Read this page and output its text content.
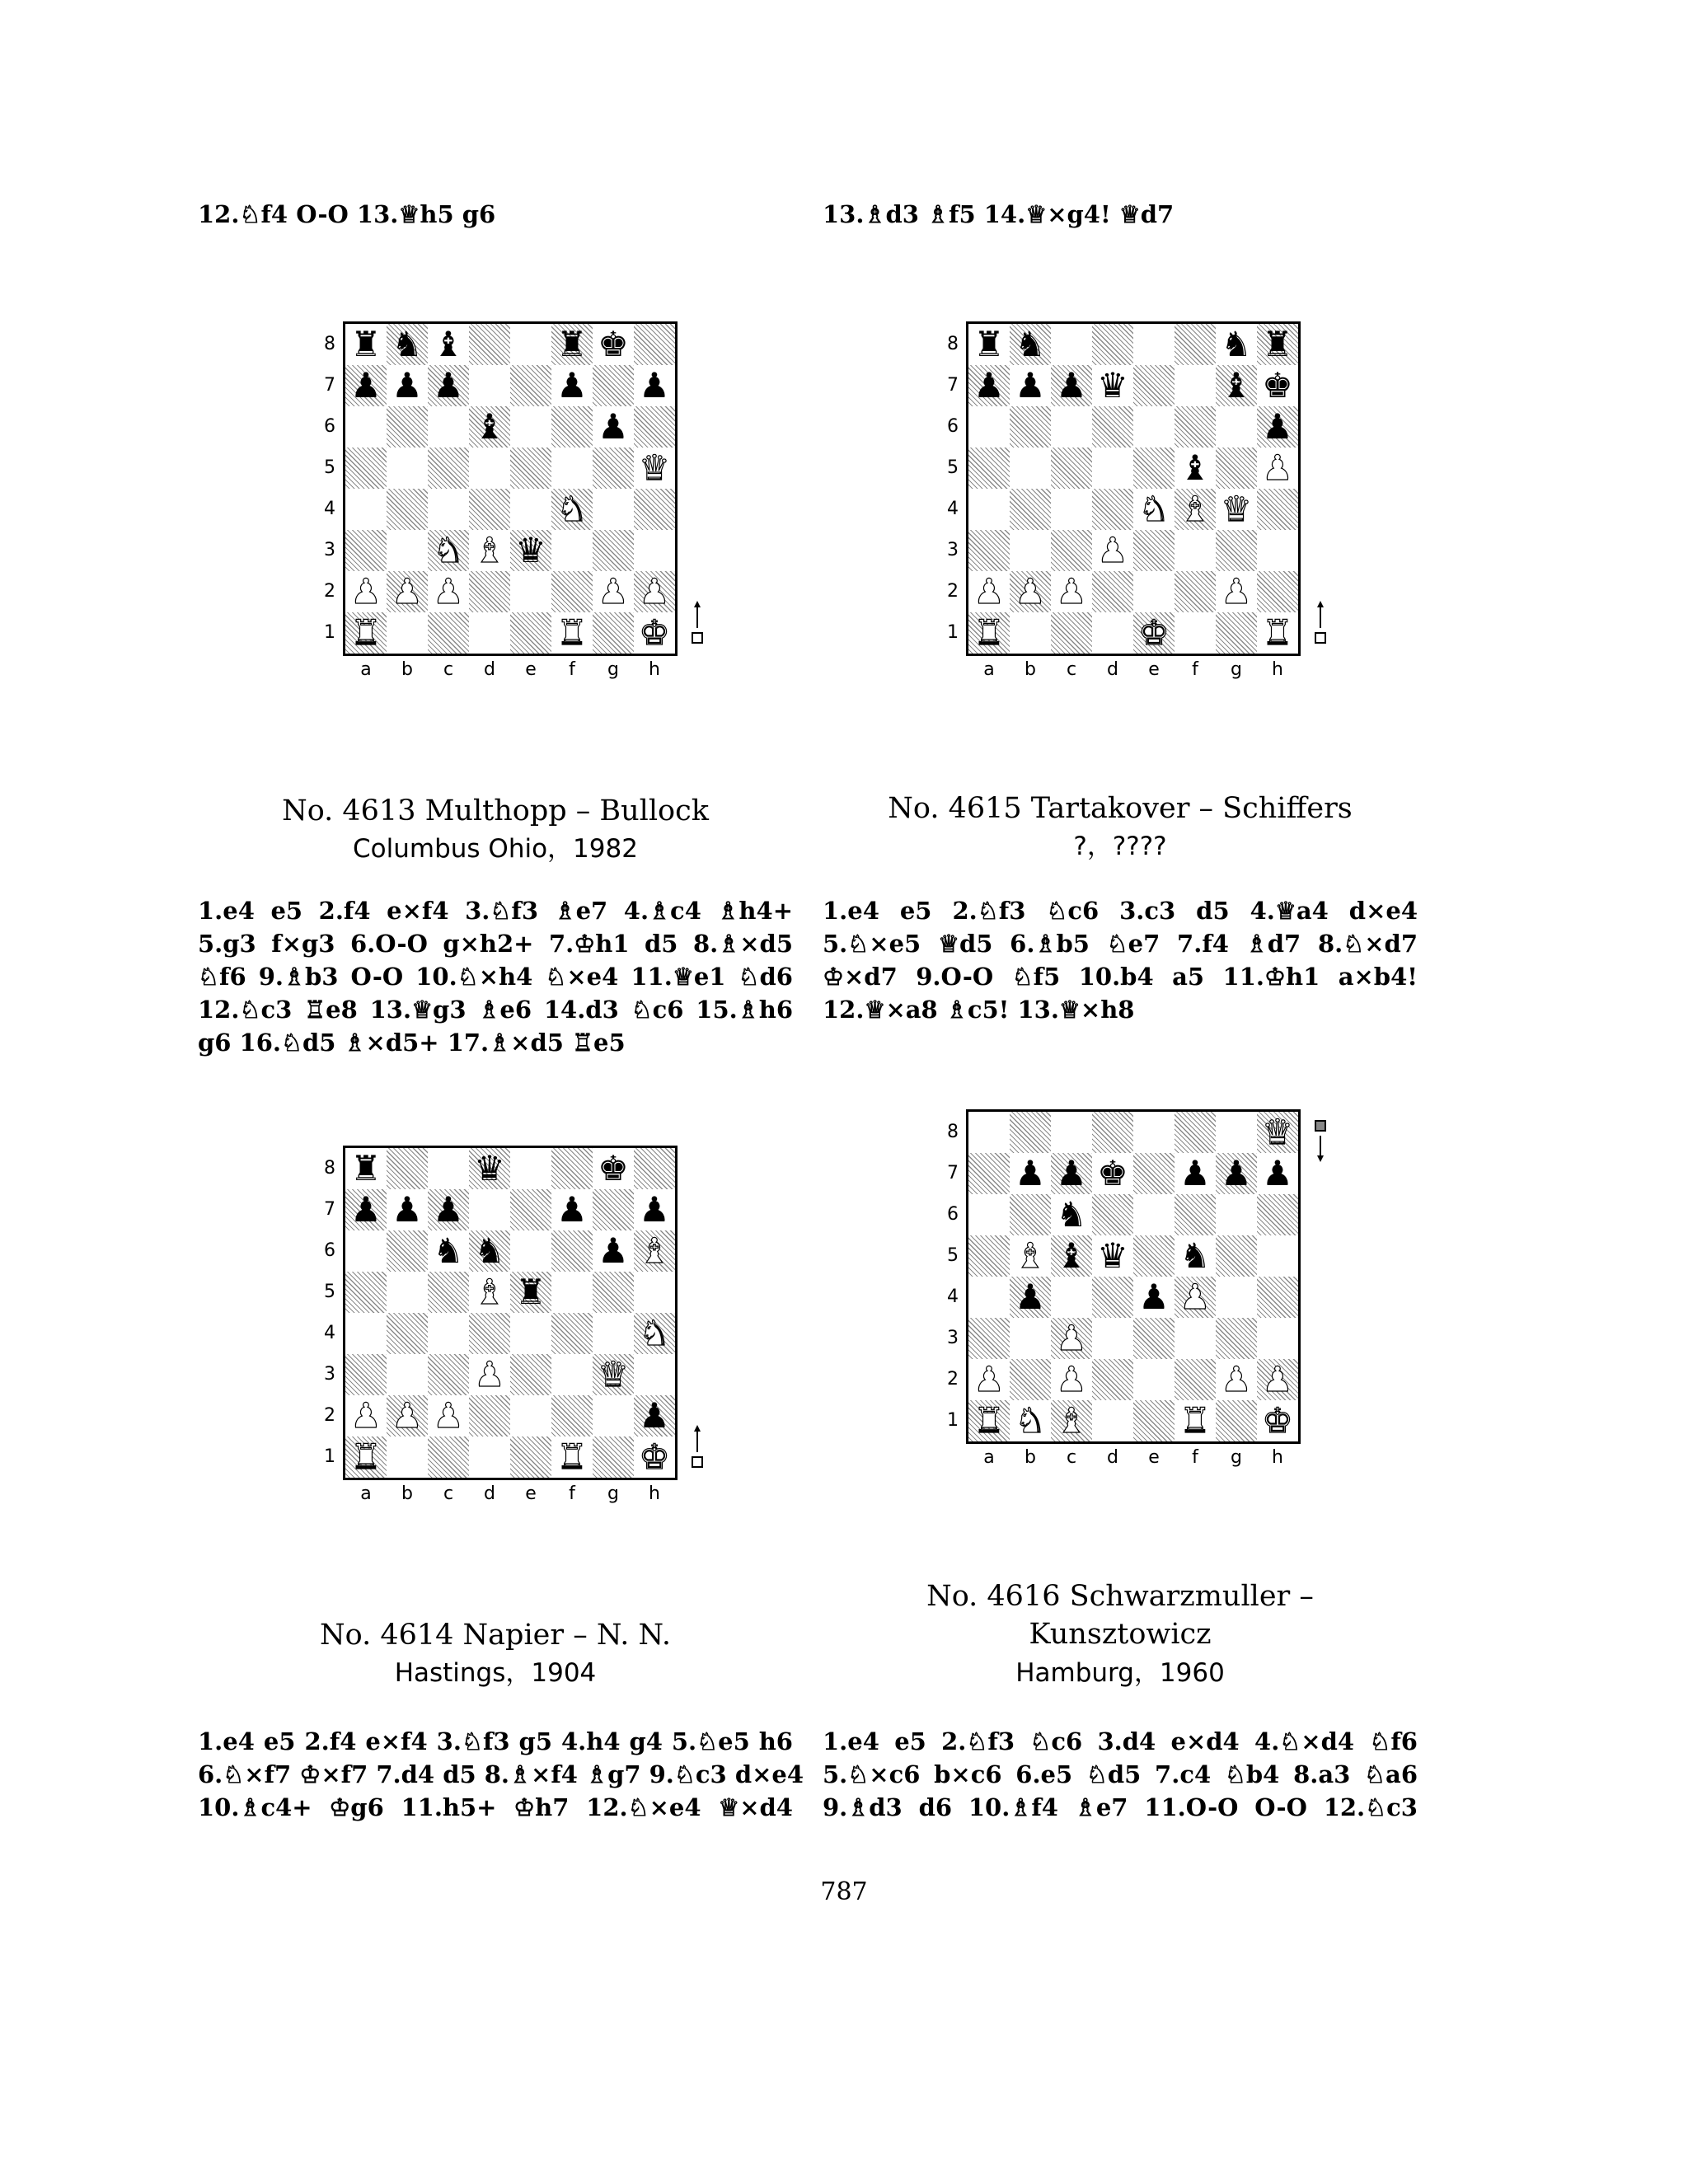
12.♘f4 O-O 13.♕h5 g6	13.♗d3 ♗f5 14.♕×g4! ♕d7
♜ ♞ ♝	♜ ♚
♟ ♟ ♟	♟ ♟
♝	♟
♛
♞
♞ ♝ ♛
♟ ♟ ♟	♟ ♟
♜	♜ ♚
8
7
6
5
4
3
2
1
a b c d e f g h
♜ ♞	♞ ♜
♟ ♟ ♟ ♛	♝ ♚
♟
♝ ♟
♞ ♝ ♛
♟
♟ ♟ ♟	♟
♜	♚	♜
8
7
6
5
4
3
2
1
a b c d e f g h
♜	♛	♚
♟ ♟ ♟	♟ ♟
♞ ♞	♟ ♝
♝ ♜
♞
♟	♛
♟ ♟ ♟	♟
♜	♜ ♚
8
7
6
5
4
3
2
1
a b c d e f g h
♛
♟ ♟ ♚ ♟ ♟ ♟
♞
♝ ♝ ♛ ♞
♟	♟ ♟
♟
♟ ♟	♟ ♟
♜ ♞ ♝	♜ ♚
8
7
6
5
4
3
2
1
a b c d e f g h
No. 4613 Multhopp – Bullock
Columbus Ohio，1982
1.e4 e5 2.f4 e×f4 3.♘f3 ♗e7 4.♗c4 ♗h4+
5.g3 f×g3 6.O-O g×h2+ 7.♔h1 d5 8.♗×d5
♘f6 9.♗b3 O-O 10.♘×h4 ♘×e4 11.♕e1 ♘d6
12.♘c3 ♖e8 13.♕g3 ♗e6 14.d3 ♘c6 15.♗h6
g6 16.♘d5 ♗×d5+ 17.♗×d5 ♖e5
No. 4615 Tartakover – Schiffers
?，????
1.e4 e5 2.♘f3 ♘c6 3.c3 d5 4.♕a4 d×e4
5.♘×e5 ♕d5 6.♗b5 ♘e7 7.f4 ♗d7 8.♘×d7
♔×d7 9.O-O ♘f5 10.b4 a5 11.♔h1 a×b4!
12.♕×a8 ♗c5! 13.♕×h8
No. 4614 Napier – N. N.
Hastings，1904
1.e4 e5 2.f4 e×f4 3.♘f3 g5 4.h4 g4 5.♘e5 h6
6.♘×f7 ♔×f7 7.d4 d5 8.♗×f4 ♗g7 9.♘c3 d×e4
10.♗c4+ ♔g6 11.h5+ ♔h7 12.♘×e4 ♕×d4
No. 4616 Schwarzmuller –
Kunsztowicz
Hamburg，1960
1.e4 e5 2.♘f3 ♘c6 3.d4 e×d4 4.♘×d4 ♘f6
5.♘×c6 b×c6 6.e5 ♘d5 7.c4 ♘b4 8.a3 ♘a6
9.♗d3 d6 10.♗f4 ♗e7 11.O-O O-O 12.♘c3
787
